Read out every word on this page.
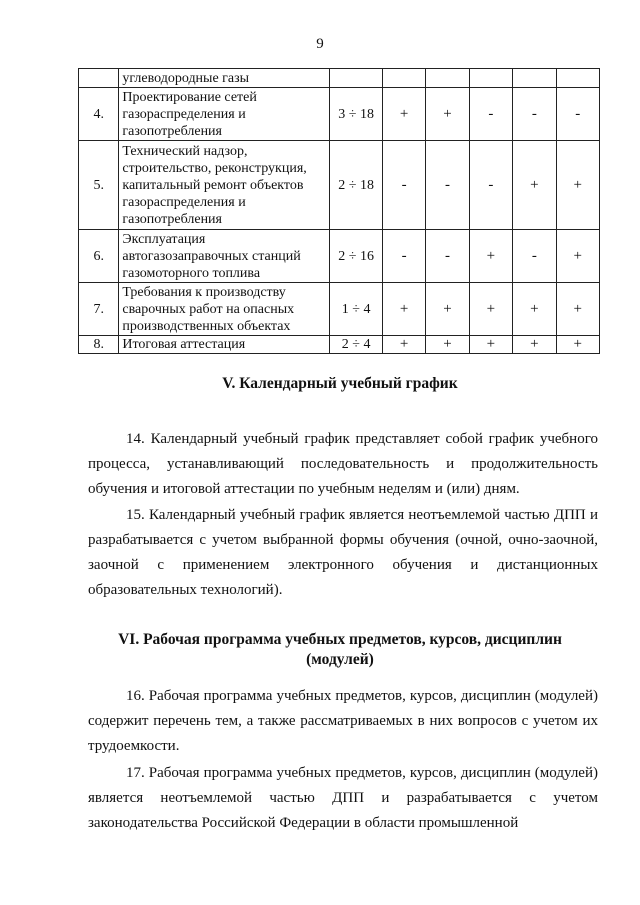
9
	углеводородные газы						
4.	Проектирование сетей газораспределения и газопотребления	3 ÷ 18	+	+	-	-	-
5.	Технический надзор, строительство, реконструкция, капитальный ремонт объектов газораспределения и газопотребления	2 ÷ 18	-	-	-	+	+
6.	Эксплуатация автогазозаправочных станций газомоторного топлива	2 ÷ 16	-	-	+	-	+
7.	Требования к производству сварочных работ на опасных производственных объектах	1 ÷ 4	+	+	+	+	+
8.	Итоговая аттестация	2 ÷ 4	+	+	+	+	+
V. Календарный учебный график

14. Календарный учебный график представляет собой график учебного процесса, устанавливающий последовательность и продолжительность обучения и итоговой аттестации по учебным неделям и (или) дням.

15. Календарный учебный график является неотъемлемой частью ДПП и разрабатывается с учетом выбранной формы обучения (очной, очно-заочной, заочной с применением электронного обучения и дистанционных образовательных технологий).

VI. Рабочая программа учебных предметов, курсов, дисциплин
(модулей)

16. Рабочая программа учебных предметов, курсов, дисциплин (модулей) содержит перечень тем, а также рассматриваемых в них вопросов с учетом их трудоемкости.

17. Рабочая программа учебных предметов, курсов, дисциплин (модулей) является неотъемлемой частью ДПП и разрабатывается с учетом законодательства Российской Федерации в области промышленной
